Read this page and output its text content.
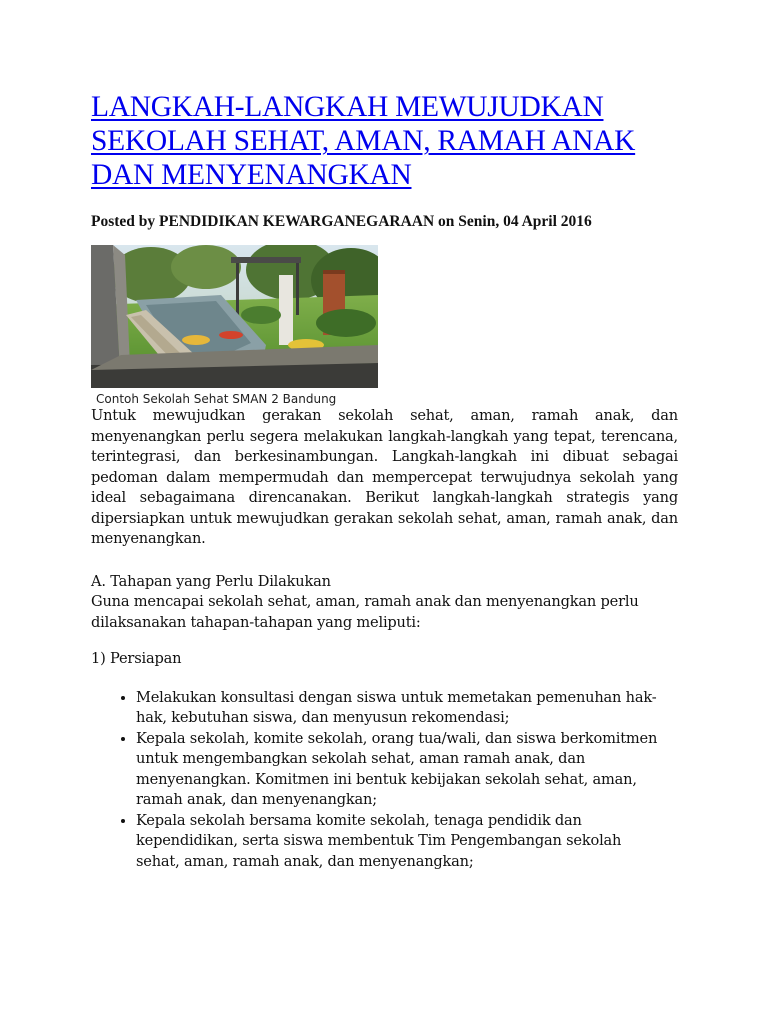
LANGKAH-LANGKAH MEWUJUDKAN SEKOLAH SEHAT, AMAN, RAMAH ANAK DAN MENYENANGKAN
Posted by PENDIDIKAN KEWARGANEGARAAN on Senin, 04 April 2016
Contoh Sekolah Sehat SMAN 2 Bandung

Untuk mewujudkan gerakan sekolah sehat, aman, ramah anak, dan menyenangkan perlu segera melakukan langkah-langkah yang tepat, terencana, terintegrasi, dan berkesinambungan. Langkah-langkah ini dibuat sebagai pedoman dalam mempermudah dan mempercepat terwujudnya sekolah yang ideal sebagaimana direncanakan. Berikut langkah-langkah strategis yang dipersiapkan untuk mewujudkan gerakan sekolah sehat, aman, ramah anak, dan menyenangkan.

A. Tahapan yang Perlu Dilakukan

Guna mencapai sekolah sehat, aman, ramah anak dan menyenangkan perlu dilaksanakan tahapan-tahapan yang meliputi:

1) Persiapan
• Melakukan konsultasi dengan siswa untuk memetakan pemenuhan hak-hak, kebutuhan siswa, dan menyusun rekomendasi;
• Kepala sekolah, komite sekolah, orang tua/wali, dan siswa berkomitmen untuk mengembangkan sekolah sehat, aman ramah anak, dan menyenangkan. Komitmen ini bentuk kebijakan sekolah sehat, aman, ramah anak, dan menyenangkan;
• Kepala sekolah bersama komite sekolah, tenaga pendidik dan kependidikan, serta siswa membentuk Tim Pengembangan sekolah sehat, aman, ramah anak, dan menyenangkan;
